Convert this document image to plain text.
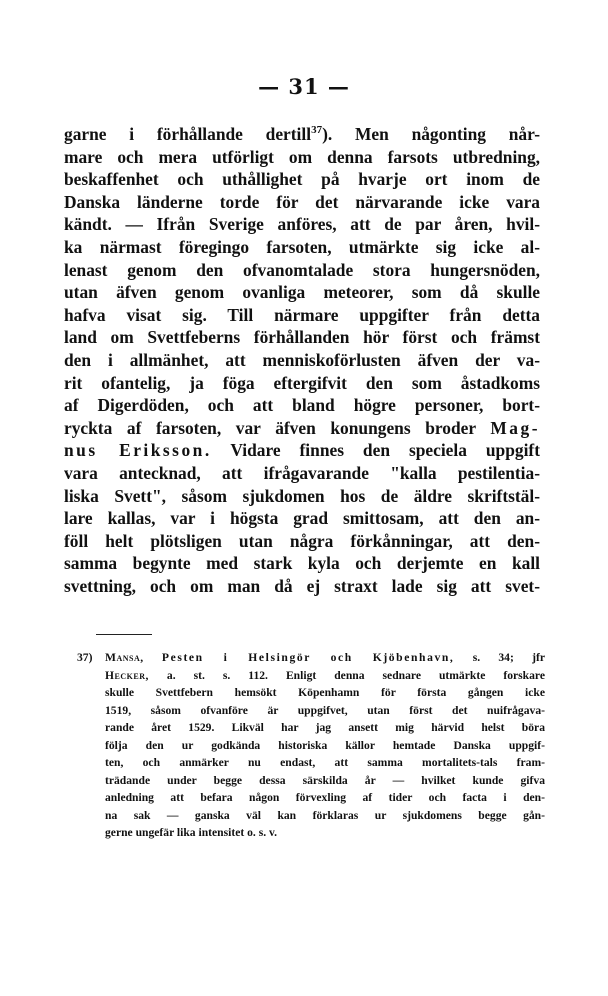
— 31 —
garne i förhållande dertill$^{37}$). Men någonting når-
mare och mera utförligt om denna farsots utbredning,
beskaffenhet och uthållighet på hvarje ort inom de
Danska länderne torde för det närvarande icke vara
kändt. — Ifrån Sverige anföres, att de par åren, hvil-
ka närmast föregingo farsoten, utmärkte sig icke al-
lenast genom den ofvanomtalade stora hungersnöden,
utan äfven genom ovanliga meteorer, som då skulle
hafva visat sig. Till närmare uppgifter från detta
land om Svettfeberns förhållanden hör först och främst
den i allmänhet, att menniskoförlusten äfven der va-
rit ofantelig, ja föga eftergifvit den som åstadkoms
af Digerdöden, och att bland högre personer, bort-
ryckta af farsoten, var äfven konungens broder Mag-
nus Eriksson. Vidare finnes den speciela uppgift
vara antecknad, att ifrågavarande "kalla pestilentia-
liska Svett", såsom sjukdomen hos de äldre skriftstäl-
lare kallas, var i högsta grad smittosam, att den an-
föll helt plötsligen utan några förkånningar, att den-
samma begynte med stark kyla och derjemte en kall
svettning, och om man då ej straxt lade sig att svet-
37) Mansa, Pesten i Helsingör och Kjöbenhavn, s. 34; jfr
Hecker, a. st. s. 112. Enligt denna sednare utmärkte forskare
skulle Svettfebern hemsökt Köpenhamn för första gången icke
1519, såsom ofvanföre är uppgifvet, utan först det nuifrågava-
rande året 1529. Likväl har jag ansett mig härvid helst böra
följa den ur godkända historiska källor hemtade Danska uppgif-
ten, och anmärker nu endast, att samma mortalitets-tals fram-
trädande under begge dessa särskilda år — hvilket kunde gifva
anledning att befara någon förvexling af tider och facta i den-
na sak — ganska väl kan förklaras ur sjukdomens begge gån-
gerne ungefär lika intensitet o. s. v.
